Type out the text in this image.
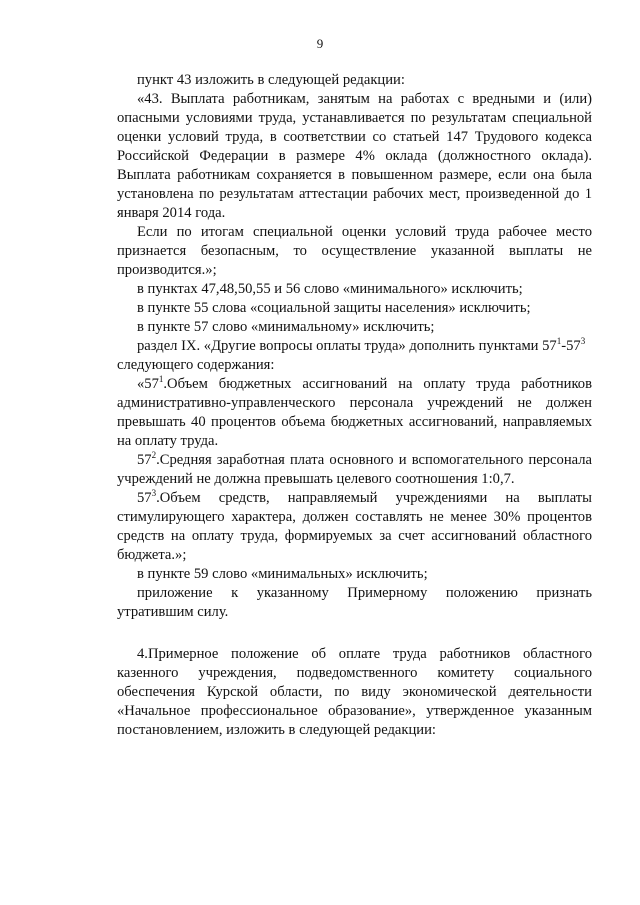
9
пункт 43 изложить в следующей редакции:
«43. Выплата работникам, занятым на работах с вредными и (или)
опасными условиями труда, устанавливается по результатам специальной
оценки условий труда, в соответствии со статьей 147 Трудового кодекса
Российской Федерации в размере 4% оклада (должностного оклада).
Выплата работникам сохраняется в повышенном размере, если она была
установлена по результатам аттестации рабочих мест, произведенной до 1
января 2014 года.
Если по итогам специальной оценки условий труда рабочее место
признается безопасным, то осуществление указанной выплаты не
производится.»;
в пунктах 47,48,50,55 и 56 слово «минимального» исключить;
в пункте 55 слова «социальной защиты населения» исключить;
в пункте 57 слово «минимальному» исключить;
раздел IX. «Другие вопросы оплаты труда» дополнить пунктами $57^1-57^3$
следующего содержания:
«$57^1.Объем$ бюджетных ассигнований на оплату труда работников
административно-управленческого персонала учреждений не должен
превышать 40 процентов объема бюджетных ассигнований, направляемых
на оплату труда.
$57^2.Средняя$ заработная плата основного и вспомогательного персонала
учреждений не должна превышать целевого соотношения 1:0,7.
$57^3.Объем$ средств, направляемый учреждениями на выплаты
стимулирующего характера, должен составлять не менее 30% процентов
средств на оплату труда, формируемых за счет ассигнований областного
бюджета.»;
в пункте 59 слово «минимальных» исключить;
приложение к указанному Примерному положению признать
утратившим силу.
4.Примерное положение об оплате труда работников областного
казенного учреждения, подведомственного комитету социального
обеспечения Курской области, по виду экономической деятельности
«Начальное профессиональное образование», утвержденное указанным
постановлением, изложить в следующей редакции:
